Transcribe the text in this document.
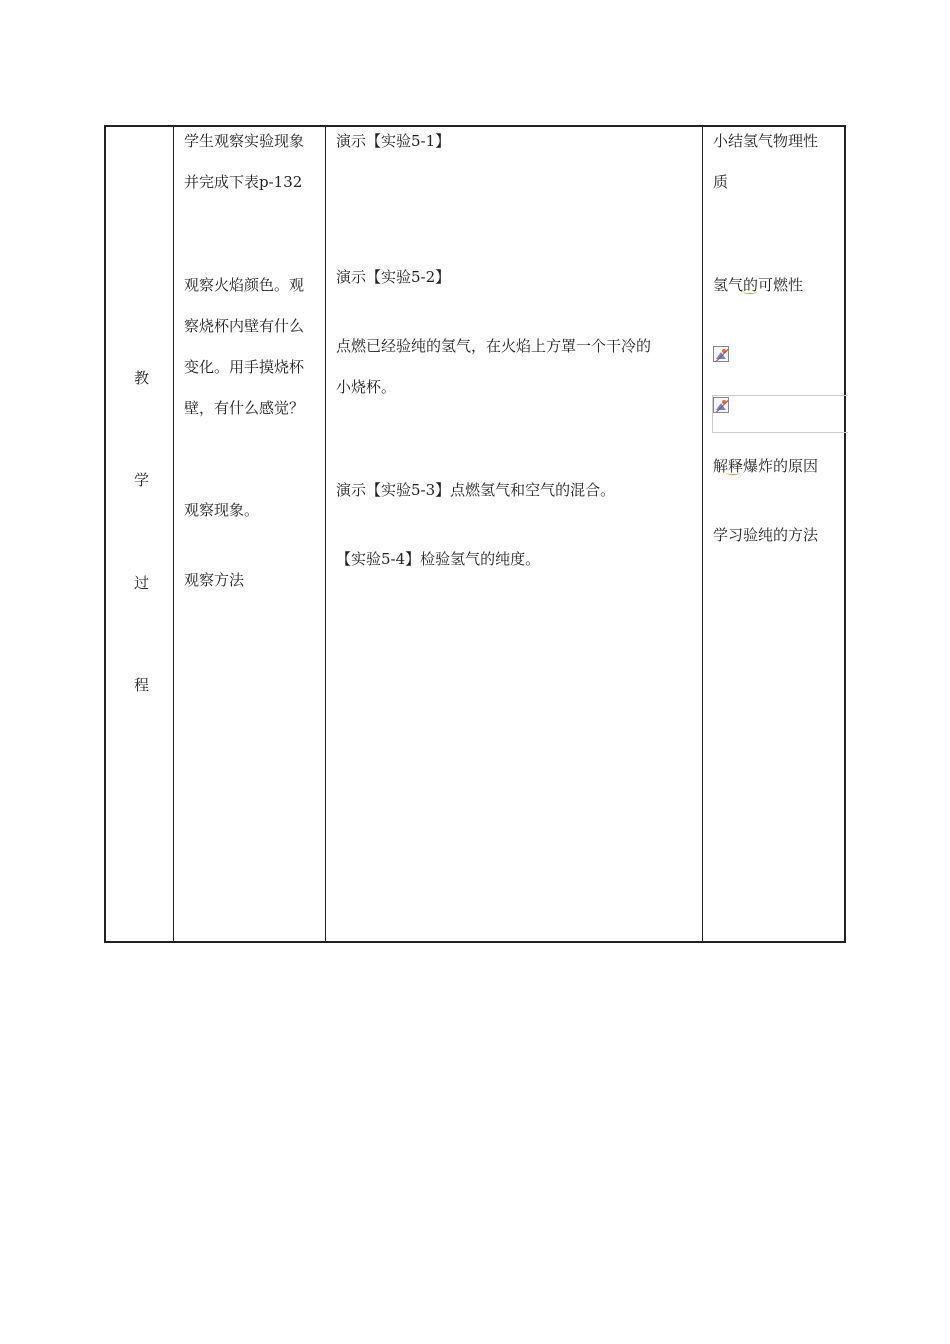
教
学
过
程
学生观察实验现象
并完成下表p-132
观察火焰颜色。观
察烧杯内壁有什么
变化。用手摸烧杯
壁，有什么感觉？
观察现象。
观察方法
演示【实验5-1】
演示【实验5-2】
点燃已经验纯的氢气，在火焰上方罩一个干冷的
小烧杯。
演示【实验5-3】点燃氢气和空气的混合。
【实验5-4】检验氢气的纯度。
小结氢气物理性
质
氢气的可燃性
解释爆炸的原因
学习验纯的方法
